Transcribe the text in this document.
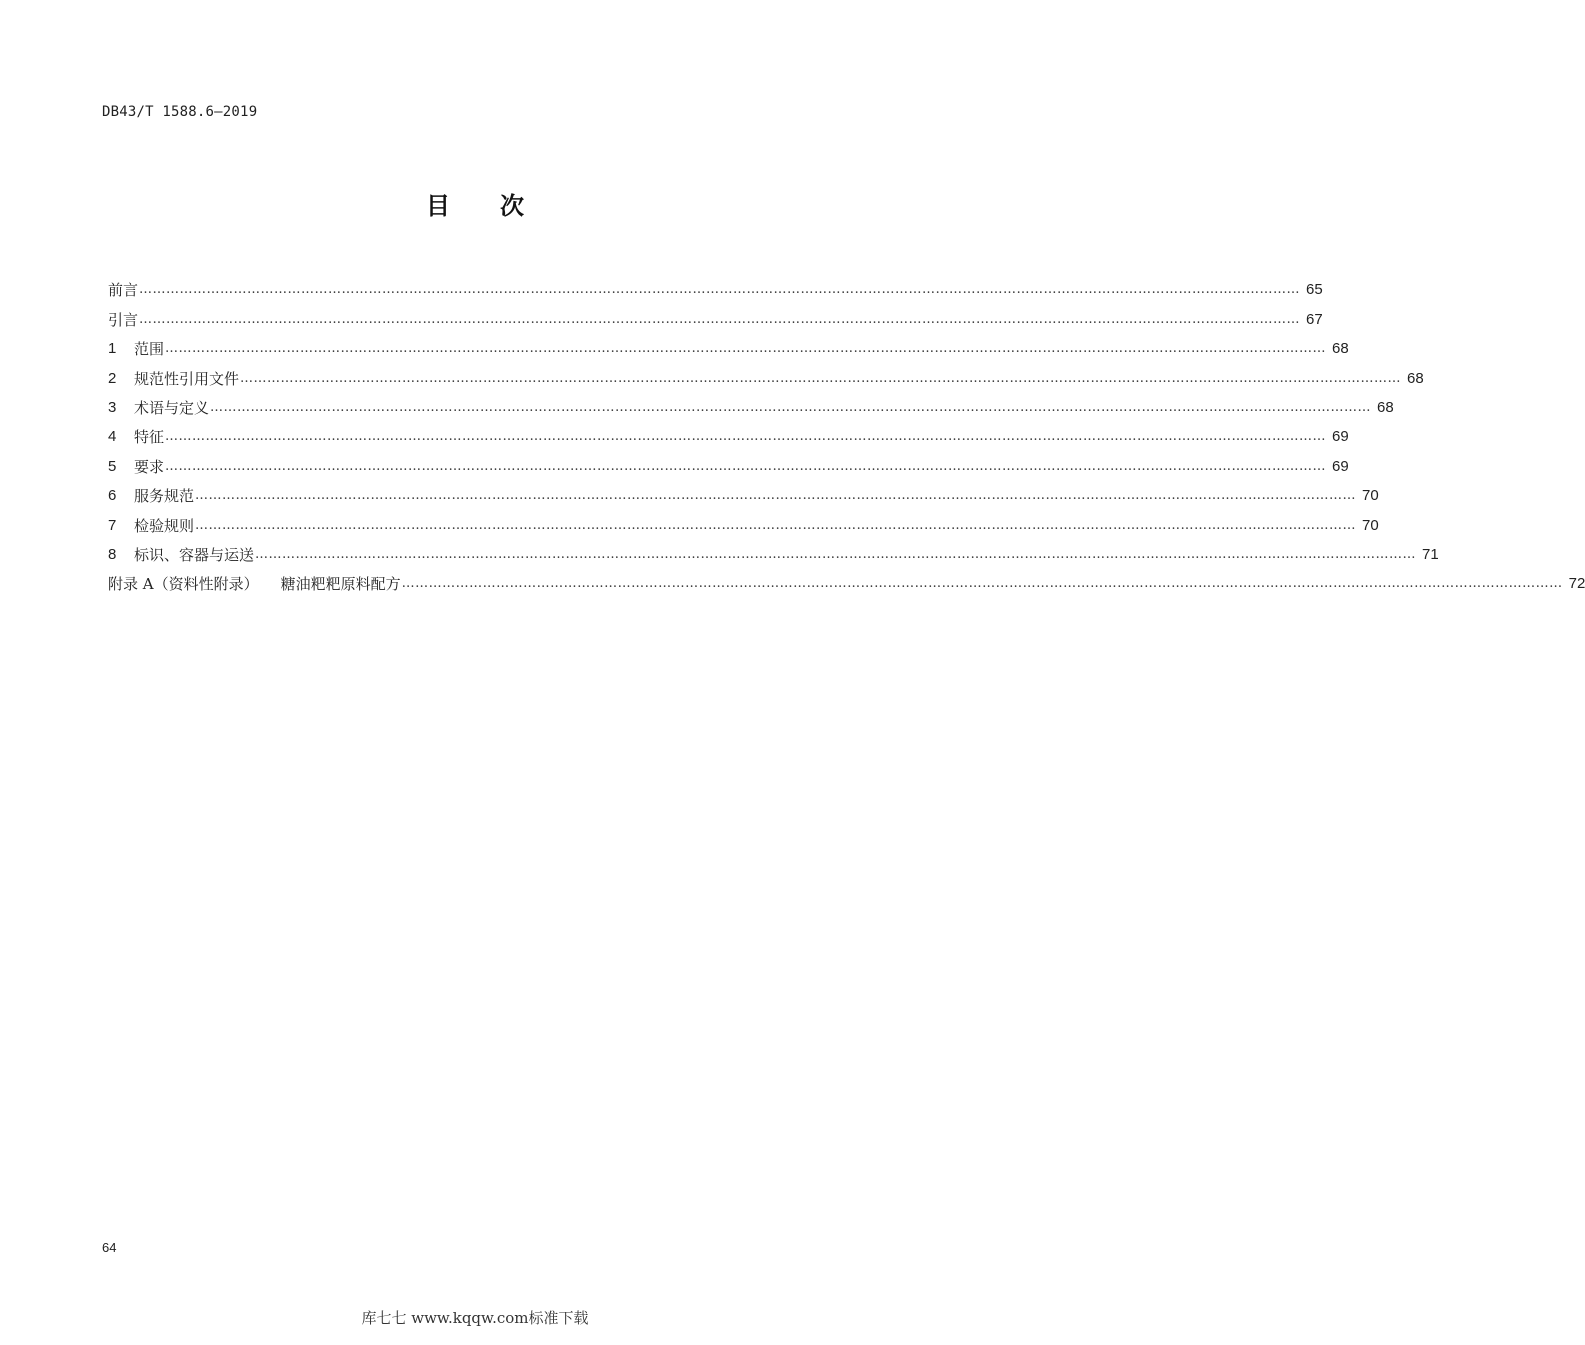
DB43/T 1588.6—2019
目 次
前言 …………………………………………………………………………………………………………………………………………………………………………………………………………………………………… 65
引言 …………………………………………………………………………………………………………………………………………………………………………………………………………………………………… 67
1	范围 …………………………………………………………………………………………………………………………………………………………………………………………………………………………………… 68
2	规范性引用文件 …………………………………………………………………………………………………………………………………………………………………………………………………………………………………… 68
3	术语与定义 …………………………………………………………………………………………………………………………………………………………………………………………………………………………………… 68
4	特征 …………………………………………………………………………………………………………………………………………………………………………………………………………………………………… 69
5	要求 …………………………………………………………………………………………………………………………………………………………………………………………………………………………………… 69
6	服务规范 …………………………………………………………………………………………………………………………………………………………………………………………………………………………………… 70
7	检验规则 …………………………………………………………………………………………………………………………………………………………………………………………………………………………………… 70
8	标识、容器与运送 …………………………………………………………………………………………………………………………………………………………………………………………………………………………………… 71
附录 A（资料性附录） 糖油粑粑原料配方 …………………………………………………………………………………………………………………………………………………………………………………………………………………………………… 72
64
库七七 www.kqqw.com标准下载
